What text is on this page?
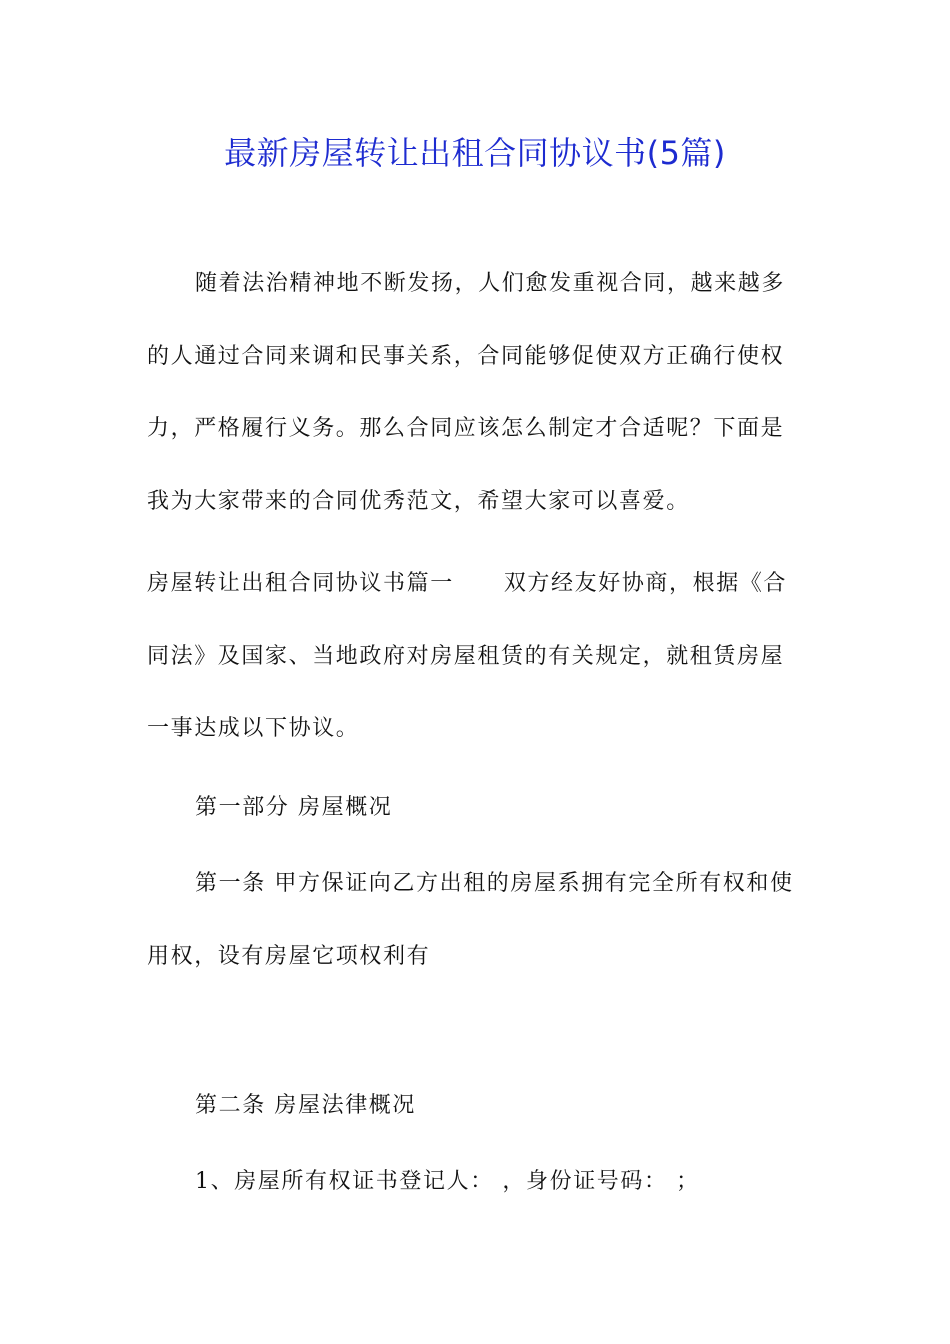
最新房屋转让出租合同协议书(5篇)

随着法治精神地不断发扬，人们愈发重视合同，越来越多的人通过合同来调和民事关系，合同能够促使双方正确行使权力，严格履行义务。那么合同应该怎么制定才合适呢？下面是我为大家带来的合同优秀范文，希望大家可以喜爱。

房屋转让出租合同协议书篇一 双方经友好协商，根据《合同法》及国家、当地政府对房屋租赁的有关规定，就租赁房屋一事达成以下协议。

第一部分 房屋概况

第一条 甲方保证向乙方出租的房屋系拥有完全所有权和使用权，设有房屋它项权利有

第二条 房屋法律概况
1、房屋所有权证书登记人： ，身份证号码： ；
